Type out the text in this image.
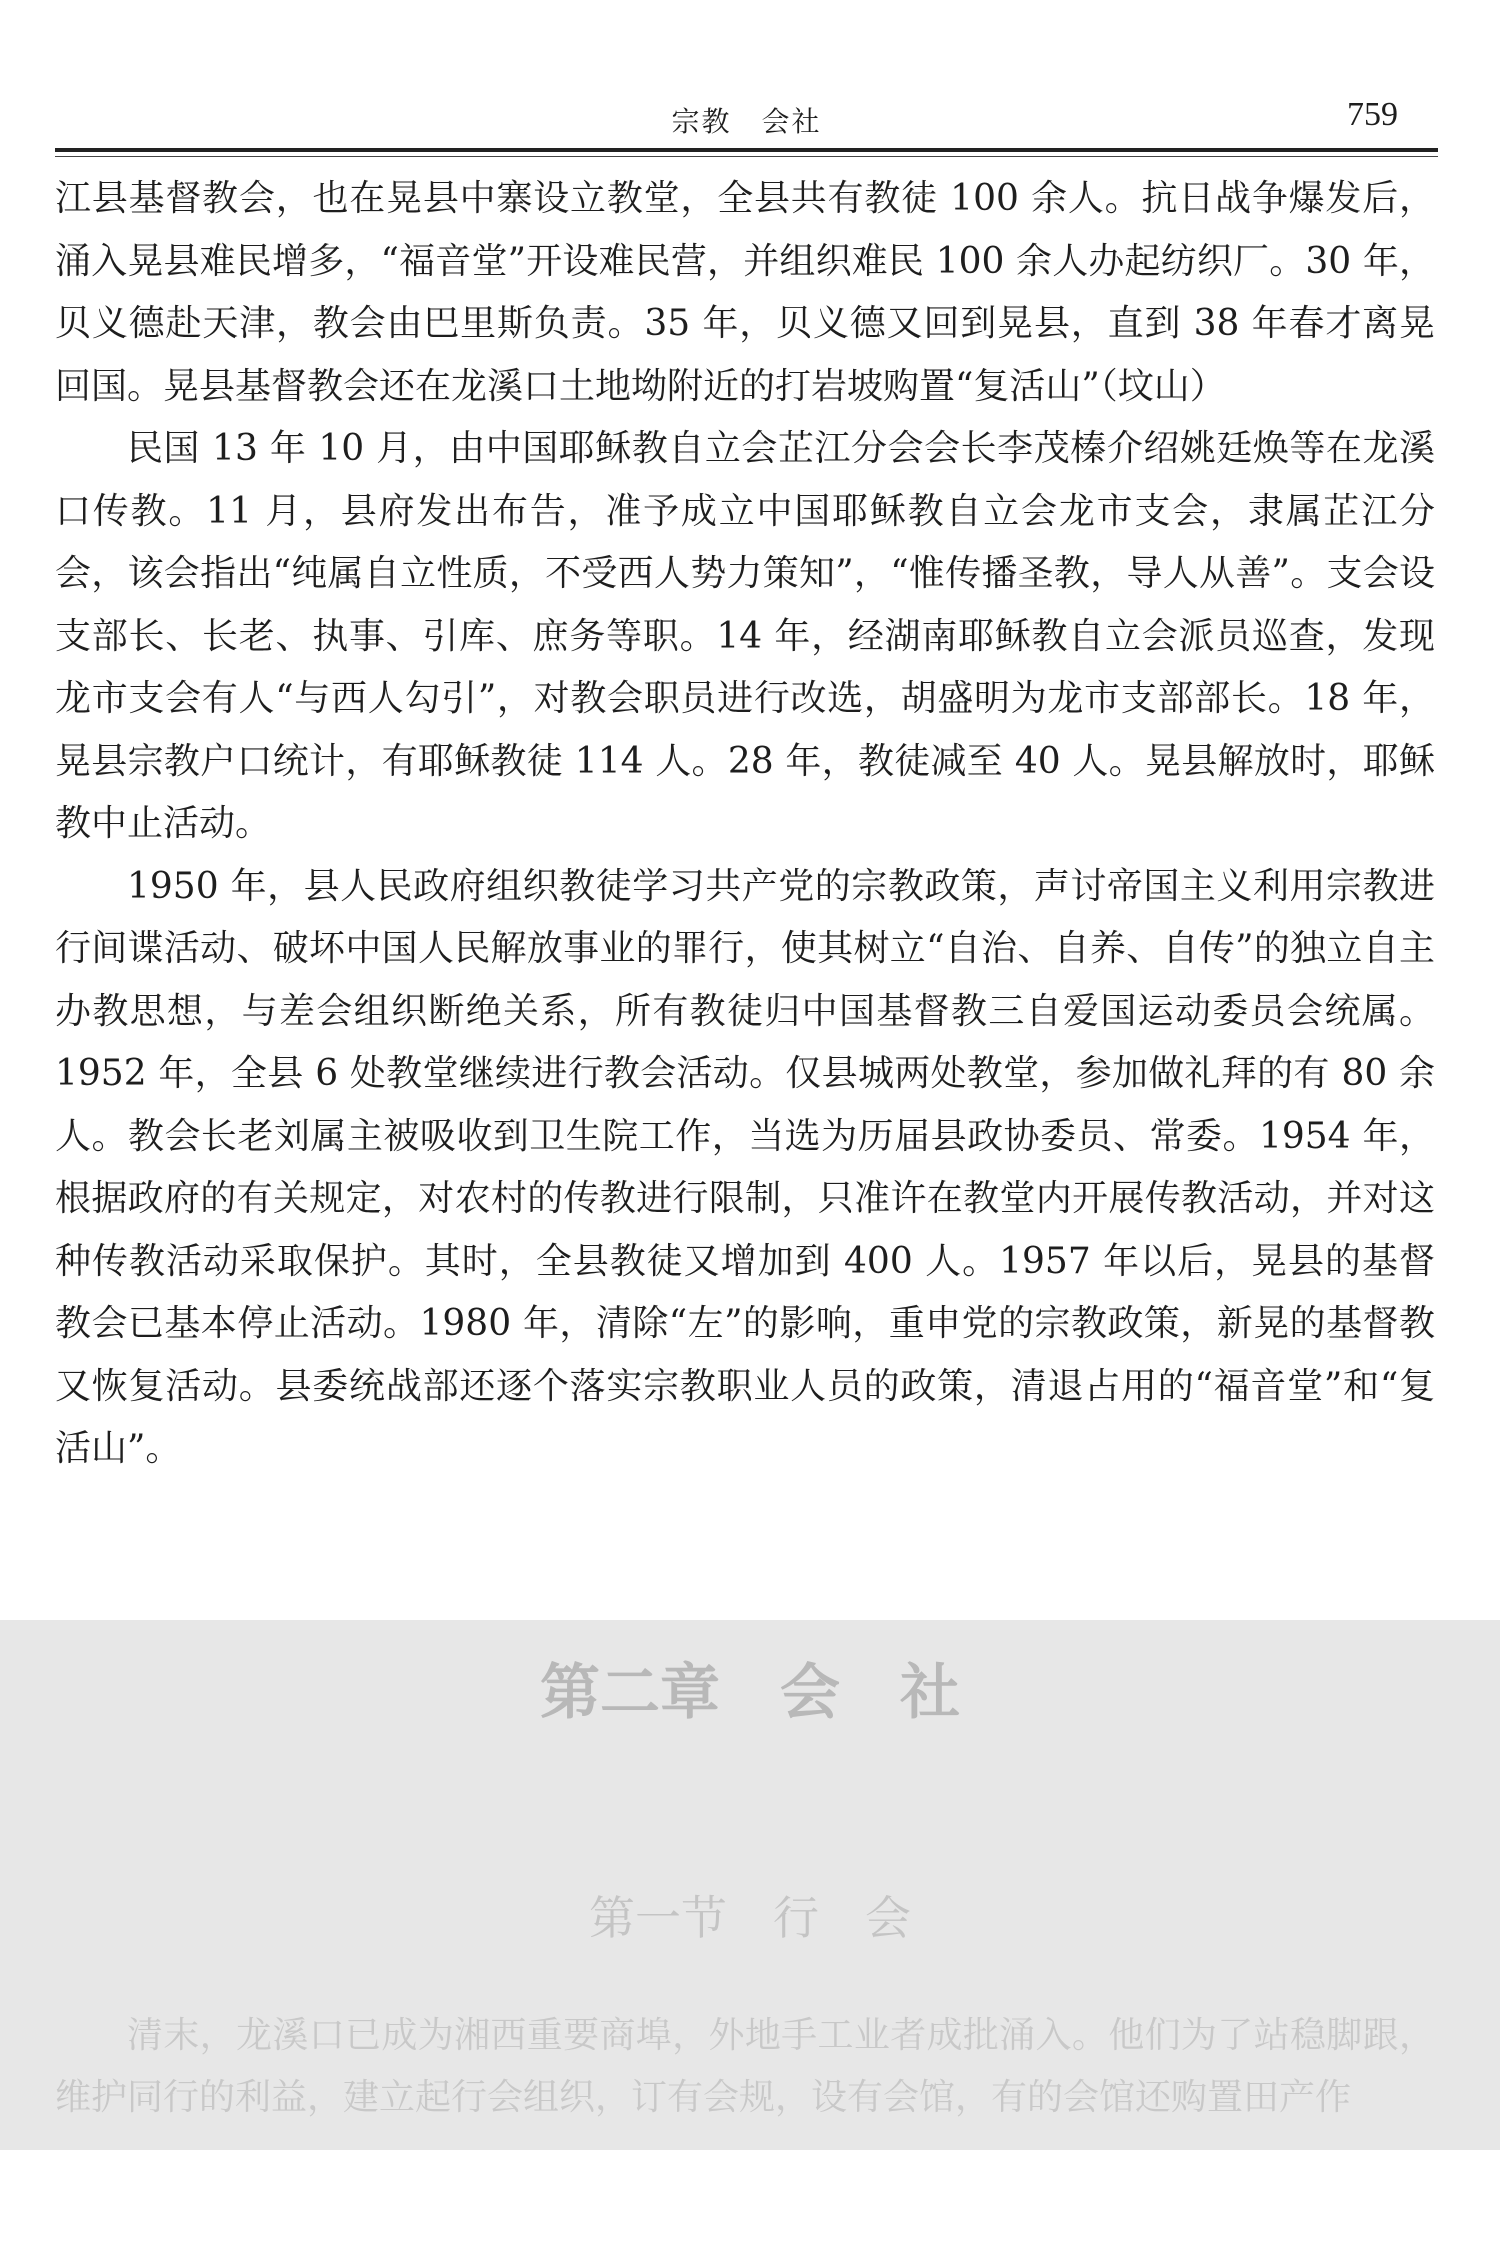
宗教　会社	759

江县基督教会，也在晃县中寨设立教堂，全县共有教徒 100 余人。抗日战争爆发后，涌入晃县难民增多，“福音堂”开设难民营，并组织难民 100 余人办起纺织厂。30 年，贝义德赴天津，教会由巴里斯负责。35 年，贝义德又回到晃县，直到 38 年春才离晃回国。晃县基督教会还在龙溪口土地坳附近的打岩坡购置“复活山”（坟山）

民国 13 年 10 月，由中国耶稣教自立会芷江分会会长李茂榛介绍姚廷焕等在龙溪口传教。11 月，县府发出布告，准予成立中国耶稣教自立会龙市支会，隶属芷江分会，该会指出“纯属自立性质，不受西人势力策知”，“惟传播圣教，导人从善”。支会设支部长、长老、执事、引库、庶务等职。14 年，经湖南耶稣教自立会派员巡查，发现龙市支会有人“与西人勾引”，对教会职员进行改选，胡盛明为龙市支部部长。18 年，晃县宗教户口统计，有耶稣教徒 114 人。28 年，教徒减至 40 人。晃县解放时，耶稣教中止活动。

1950 年，县人民政府组织教徒学习共产党的宗教政策，声讨帝国主义利用宗教进行间谍活动、破坏中国人民解放事业的罪行，使其树立“自治、自养、自传”的独立自主办教思想，与差会组织断绝关系，所有教徒归中国基督教三自爱国运动委员会统属。1952 年，全县 6 处教堂继续进行教会活动。仅县城两处教堂，参加做礼拜的有 80 余人。教会长老刘属主被吸收到卫生院工作，当选为历届县政协委员、常委。1954 年，根据政府的有关规定，对农村的传教进行限制，只准许在教堂内开展传教活动，并对这种传教活动采取保护。其时，全县教徒又增加到 400 人。1957 年以后，晃县的基督教会已基本停止活动。1980 年，清除“左”的影响，重申党的宗教政策，新晃的基督教又恢复活动。县委统战部还逐个落实宗教职业人员的政策，清退占用的“福音堂”和“复活山”。

第二章　会　社
第一节　行　会

清末，龙溪口已成为湘西重要商埠，外地手工业者成批涌入。他们为了站稳脚跟，维护同行的利益，建立起行会组织，订有会规，设有会馆，有的会馆还购置田产作
